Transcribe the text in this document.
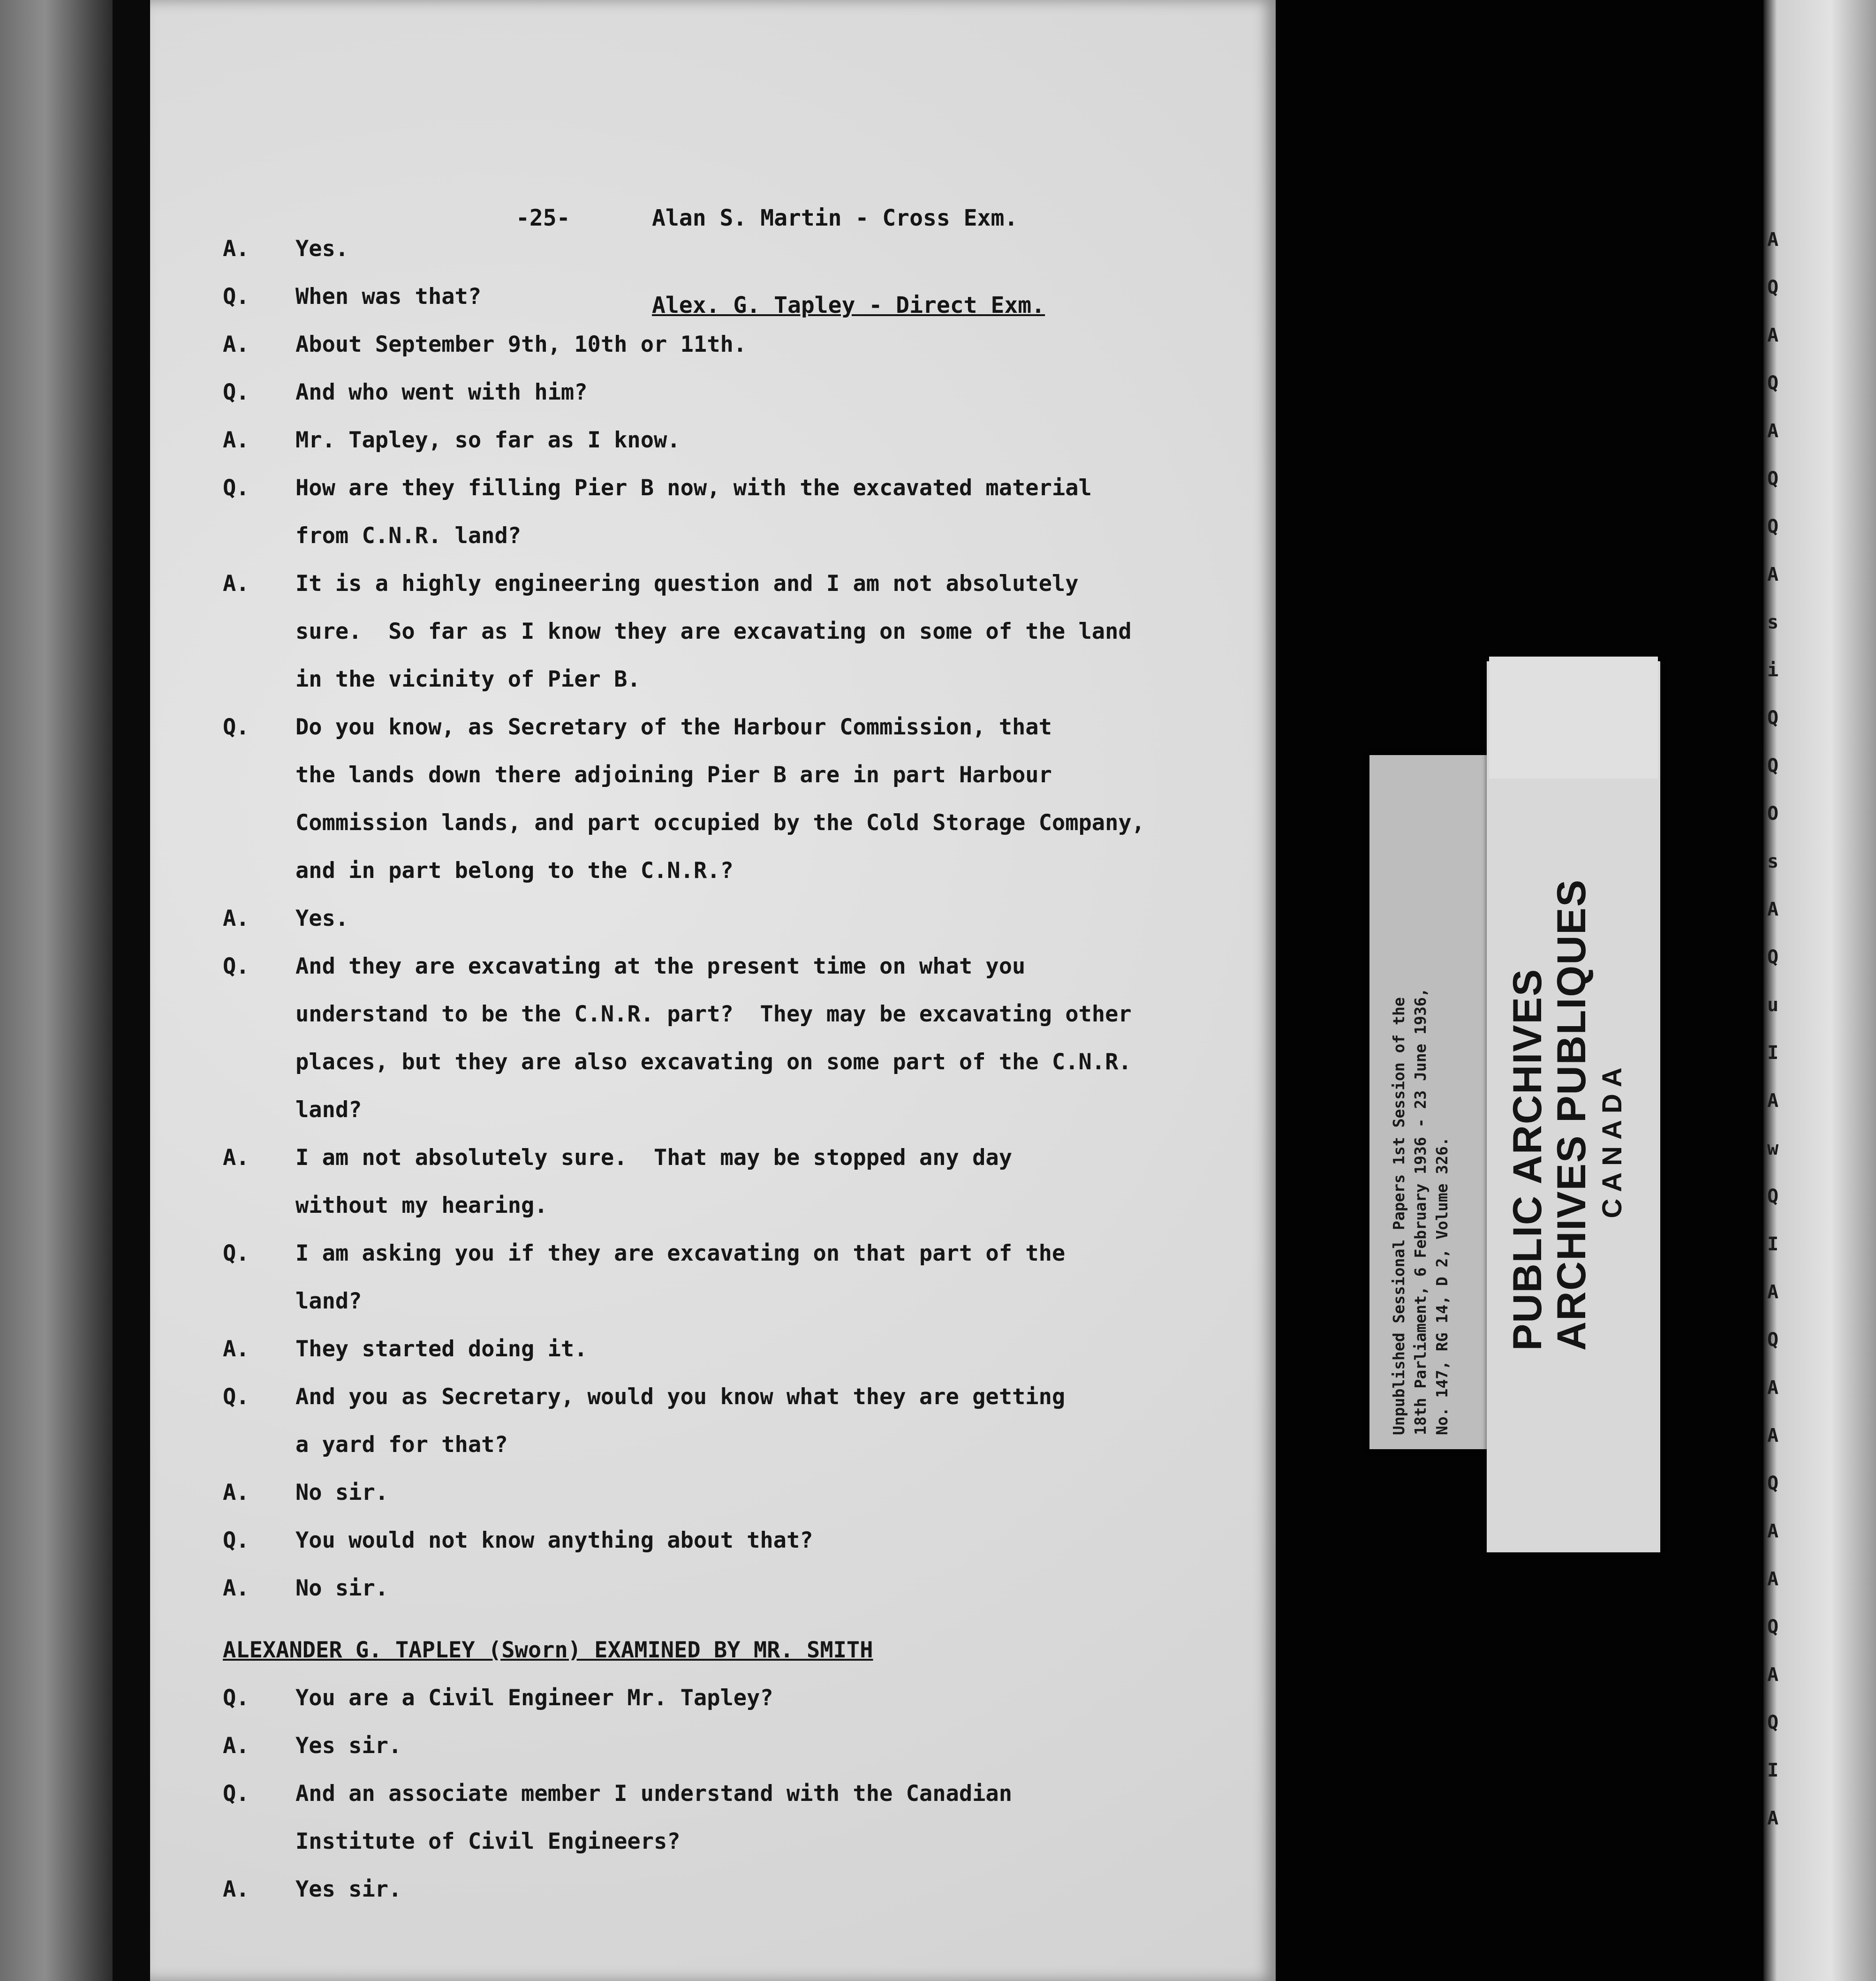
-25-	Alan S. Martin - Cross Exm.

Alex. G. Tapley - Direct Exm.

A. Yes.
Q. When was that?
A. About September 9th, 10th or 11th.
Q. And who went with him?
A. Mr. Tapley, so far as I know.
Q. How are they filling Pier B now, with the excavated material
from C.N.R. land?
A. It is a highly engineering question and I am not absolutely
sure.  So far as I know they are excavating on some of the land
in the vicinity of Pier B.
Q. Do you know, as Secretary of the Harbour Commission, that
the lands down there adjoining Pier B are in part Harbour
Commission lands, and part occupied by the Cold Storage Company,
and in part belong to the C.N.R.?
A. Yes.
Q. And they are excavating at the present time on what you
understand to be the C.N.R. part?  They may be excavating other
places, but they are also excavating on some part of the C.N.R.
land?
A. I am not absolutely sure.  That may be stopped any day
without my hearing.
Q. I am asking you if they are excavating on that part of the
land?
A. They started doing it.
Q. And you as Secretary, would you know what they are getting
a yard for that?
A. No sir.
Q. You would not know anything about that?
A. No sir.
ALEXANDER G. TAPLEY (Sworn) EXAMINED BY MR. SMITH
Q. You are a Civil Engineer Mr. Tapley?
A. Yes sir.
Q. And an associate member I understand with the Canadian
Institute of Civil Engineers?
A. Yes sir.
Unpublished Sessional Papers 1st Session of the 18th Parliament, 6 February 1936 - 23 June 1936, No. 147, RG 14, D 2, Volume 326. PUBLIC ARCHIVES
ARCHIVES PUBLIQUES CANADA
A
Q
A
Q
A
Q
Q
A
s
i
Q
Q
O
s
A
Q
u
I
A
w
Q
I
A
Q
A
A
Q
A
A
Q
A
Q
I
A
